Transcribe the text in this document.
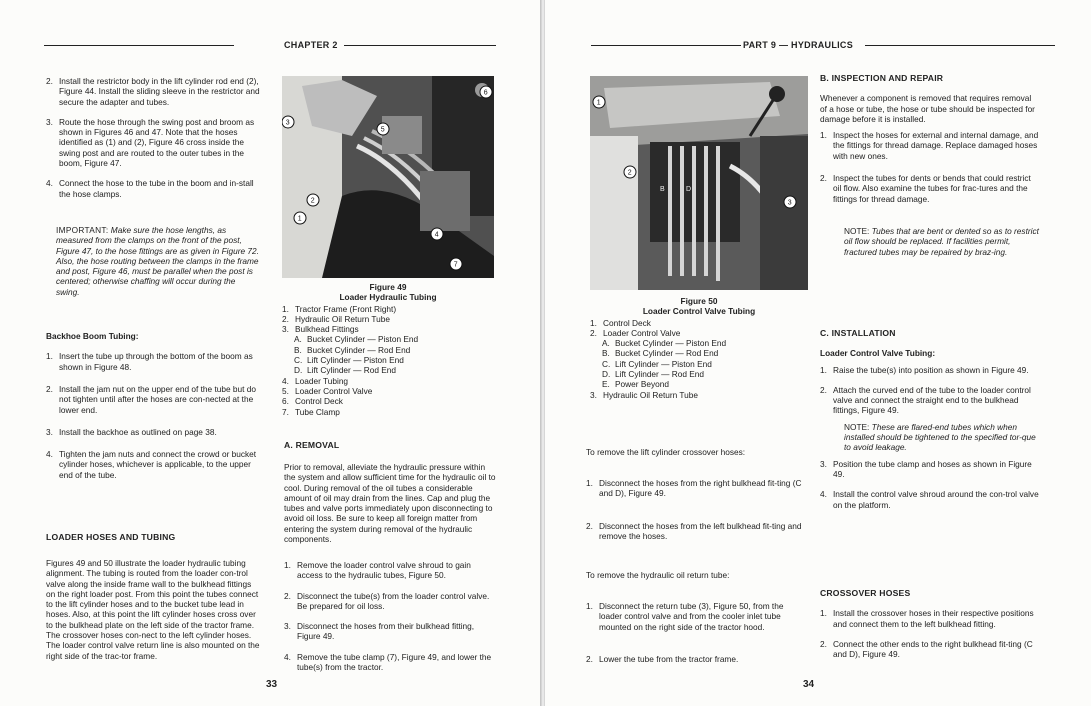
CHAPTER 2
2. Install the restrictor body in the lift cylinder rod end (2), Figure 44. Install the sliding sleeve in the restrictor and secure the adapter and tubes.
3. Route the hose through the swing post and broom as shown in Figures 46 and 47. Note that the hoses identified as (1) and (2), Figure 46 cross inside the swing post and are routed to the outer tubes in the boom, Figure 47.
4. Connect the hose to the tube in the boom and in-stall the hose clamps.
IMPORTANT: Make sure the hose lengths, as measured from the clamps on the front of the post, Figure 47, to the hose fittings are as given in Figure 72. Also, the hose routing between the clamps in the frame and post, Figure 46, must be parallel when the post is centered; otherwise chaffing will occur during the swing.
Backhoe Boom Tubing:
1. Insert the tube up through the bottom of the boom as shown in Figure 48.
2. Install the jam nut on the upper end of the tube but do not tighten until after the hoses are con-nected at the lower end.
3. Install the backhoe as outlined on page 38.
4. Tighten the jam nuts and connect the crowd or bucket cylinder hoses, whichever is applicable, to the upper end of the tube.
LOADER HOSES AND TUBING
Figures 49 and 50 illustrate the loader hydraulic tubing alignment. The tubing is routed from the loader con-trol valve along the inside frame wall to the bulkhead fittings on the right loader post. From this point the tubes connect to the lift cylinder hoses and to the bucket tube lead in hoses. Also, at this point the lift cylinder hoses cross over to the bulkhead plate on the left side of the tractor frame. The crossover hoses con-nect to the left cylinder hoses. The loader control valve return line is also mounted on the right side of the trac-tor frame.
6
3
5
2
1
4
7
Figure 49
Loader Hydraulic Tubing
1. Tractor Frame (Front Right)
2. Hydraulic Oil Return Tube
3. Bulkhead Fittings
A. Bucket Cylinder — Piston End
B. Bucket Cylinder — Rod End
C. Lift Cylinder — Piston End
D. Lift Cylinder — Rod End
4. Loader Tubing
5. Loader Control Valve
6. Control Deck
7. Tube Clamp
A. REMOVAL
Prior to removal, alleviate the hydraulic pressure within the system and allow sufficient time for the hydraulic oil to cool. During removal of the oil tubes a considerable amount of oil may drain from the lines. Cap and plug the tubes and valve ports immediately upon disconnecting to avoid oil loss. Be sure to keep all foreign matter from entering the system during removal of the hydraulic components.
1. Remove the loader control valve shroud to gain access to the hydraulic tubes, Figure 50.
2. Disconnect the tube(s) from the loader control valve. Be prepared for oil loss.
3. Disconnect the hoses from their bulkhead fitting, Figure 49.
4. Remove the tube clamp (7), Figure 49, and lower the tube(s) from the tractor.
33
PART 9 — HYDRAULICS
B	D
1
2
3
Figure 50
Loader Control Valve Tubing
1. Control Deck
2. Loader Control Valve
A. Bucket Cylinder — Piston End
B. Bucket Cylinder — Rod End
C. Lift Cylinder — Piston End
D. Lift Cylinder — Rod End
E. Power Beyond
3. Hydraulic Oil Return Tube
To remove the lift cylinder crossover hoses:
1. Disconnect the hoses from the right bulkhead fit-ting (C and D), Figure 49.
2. Disconnect the hoses from the left bulkhead fit-ting and remove the hoses.
To remove the hydraulic oil return tube:
1. Disconnect the return tube (3), Figure 50, from the loader control valve and from the cooler inlet tube mounted on the right side of the tractor hood.
2. Lower the tube from the tractor frame.
B. INSPECTION AND REPAIR
Whenever a component is removed that requires removal of a hose or tube, the hose or tube should be inspected for damage before it is installed.
1. Inspect the hoses for external and internal damage, and the fittings for thread damage. Replace damaged hoses with new ones.
2. Inspect the tubes for dents or bends that could restrict oil flow. Also examine the tubes for frac-tures and the fittings for thread damage.
NOTE: Tubes that are bent or dented so as to restrict oil flow should be replaced. If facilities permit, fractured tubes may be repaired by braz-ing.
C. INSTALLATION
Loader Control Valve Tubing:
1. Raise the tube(s) into position as shown in Figure 49.
2. Attach the curved end of the tube to the loader control valve and connect the straight end to the bulkhead fittings, Figure 49.
NOTE: These are flared-end tubes which when installed should be tightened to the specified tor-que to avoid leakage.
3. Position the tube clamp and hoses as shown in Figure 49.
4. Install the control valve shroud around the con-trol valve on the platform.
CROSSOVER HOSES
1. Install the crossover hoses in their respective positions and connect them to the left bulkhead fitting.
2. Connect the other ends to the right bulkhead fit-ting (C and D), Figure 49.
34
